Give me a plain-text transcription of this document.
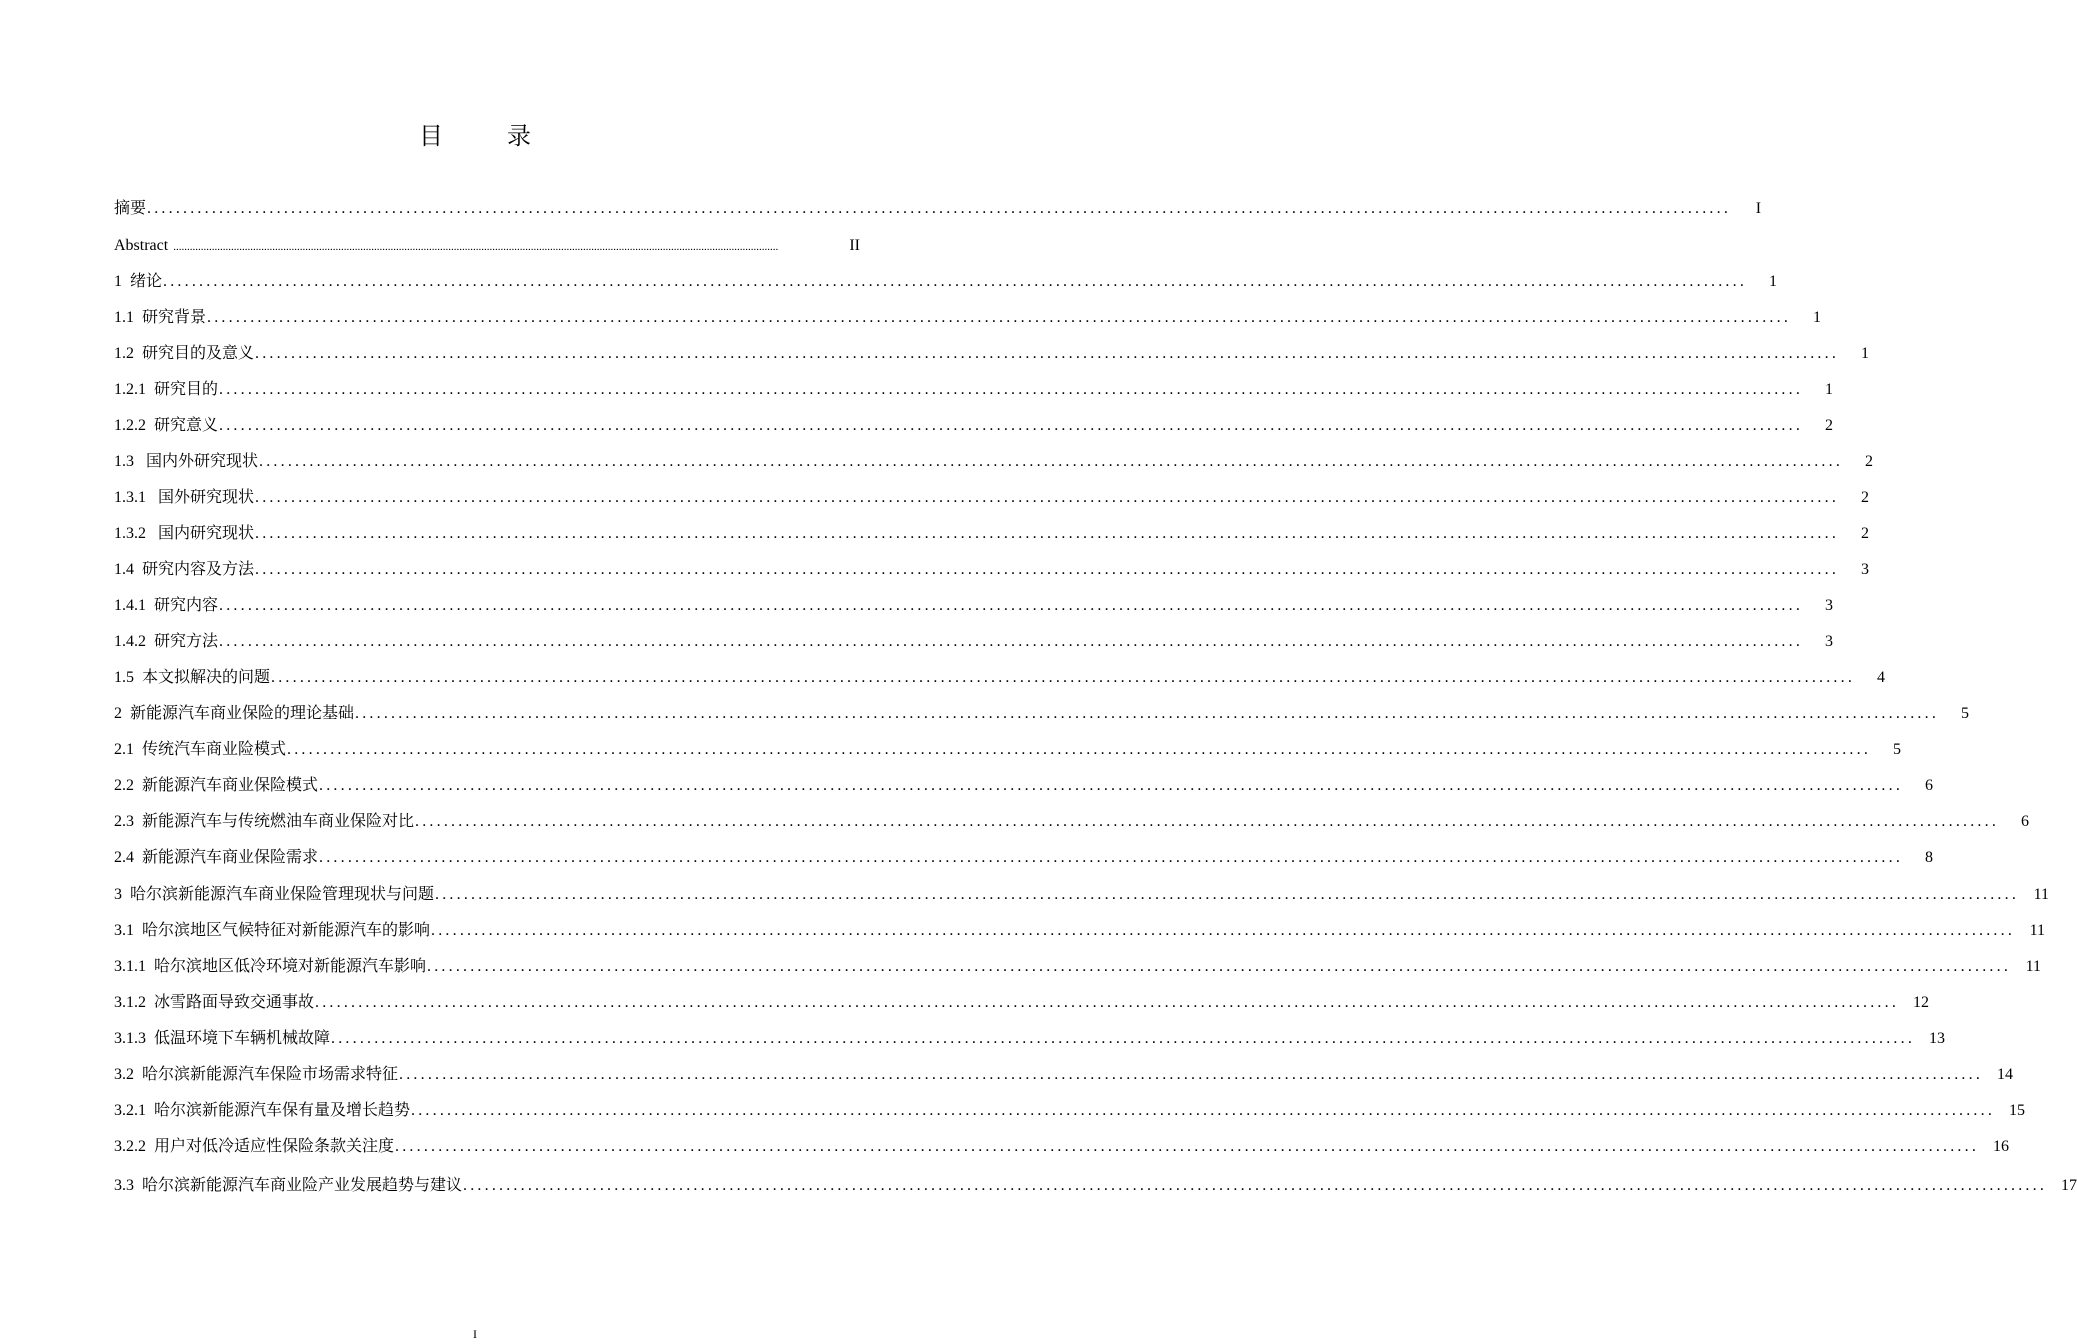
目　录
摘要 ............................................................................................................................................................................................................................	I
Abstract ............................................................................................................................................................................................................................	II
1  绪论 ............................................................................................................................................................................................................................	1
1.1  研究背景 ............................................................................................................................................................................................................................	1
1.2  研究目的及意义 ............................................................................................................................................................................................................................	1
1.2.1  研究目的 ............................................................................................................................................................................................................................	1
1.2.2  研究意义 ............................................................................................................................................................................................................................	2
1.3   国内外研究现状 ............................................................................................................................................................................................................................	2
1.3.1   国外研究现状 ............................................................................................................................................................................................................................	2
1.3.2   国内研究现状 ............................................................................................................................................................................................................................	2
1.4  研究内容及方法 ............................................................................................................................................................................................................................	3
1.4.1  研究内容 ............................................................................................................................................................................................................................	3
1.4.2  研究方法 ............................................................................................................................................................................................................................	3
1.5  本文拟解决的问题 ............................................................................................................................................................................................................................	4
2  新能源汽车商业保险的理论基础 ............................................................................................................................................................................................................................	5
2.1  传统汽车商业险模式 ............................................................................................................................................................................................................................	5
2.2  新能源汽车商业保险模式 ............................................................................................................................................................................................................................	6
2.3  新能源汽车与传统燃油车商业保险对比 ............................................................................................................................................................................................................................	6
2.4  新能源汽车商业保险需求 ............................................................................................................................................................................................................................	8
3  哈尔滨新能源汽车商业保险管理现状与问题 ............................................................................................................................................................................................................................ 11
3.1  哈尔滨地区气候特征对新能源汽车的影响 ............................................................................................................................................................................................................................ 11
3.1.1  哈尔滨地区低冷环境对新能源汽车影响 ............................................................................................................................................................................................................................ 11
3.1.2  冰雪路面导致交通事故 ............................................................................................................................................................................................................................ 12
3.1.3  低温环境下车辆机械故障 ............................................................................................................................................................................................................................ 13
3.2  哈尔滨新能源汽车保险市场需求特征 ............................................................................................................................................................................................................................ 14
3.2.1  哈尔滨新能源汽车保有量及增长趋势 ............................................................................................................................................................................................................................ 15
3.2.2  用户对低冷适应性保险条款关注度 ............................................................................................................................................................................................................................ 16
3.3  哈尔滨新能源汽车商业险产业发展趋势与建议 ............................................................................................................................................................................................................................ 17
I
